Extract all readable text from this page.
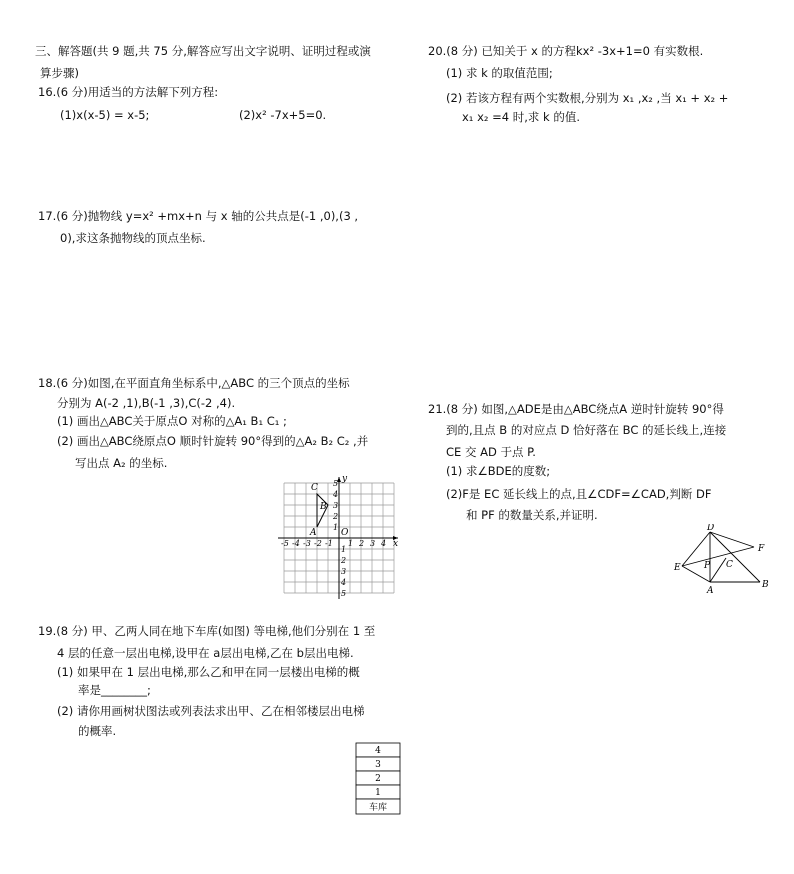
三、解答题(共 9 题,共 75 分,解答应写出文字说明、证明过程或演
算步骤)
16.(6 分)用适当的方法解下列方程:
(1)x(x-5) = x-5;	(2)x² -7x+5=0.
17.(6 分)抛物线 y=x² +mx+n 与 x 轴的公共点是(-1 ,0),(3 ,
0),求这条抛物线的顶点坐标.
18.(6 分)如图,在平面直角坐标系中,△ABC 的三个顶点的坐标
分别为 A(-2 ,1),B(-1 ,3),C(-2 ,4).
(1) 画出△ABC关于原点O 对称的△A₁ B₁ C₁ ;
(2) 画出△ABC绕原点O 顺时针旋转 90°得到的△A₂ B₂ C₂ ,并
写出点 A₂ 的坐标.
C
B
A	O
x
y
-5 -4 -3 -2 -1 1 2 3 4
5
4
3
2
1
1
2
3
4
5
19.(8 分) 甲、乙两人同在地下车库(如图) 等电梯,他们分别在 1 至
4 层的任意一层出电梯,设甲在 a层出电梯,乙在 b层出电梯.
(1) 如果甲在 1 层出电梯,那么乙和甲在同一层楼出电梯的概
率是________;
(2) 请你用画树状图法或列表法求出甲、乙在相邻楼层出电梯
的概率.
4
3
2
1
车库
20.(8 分) 已知关于 x 的方程kx² -3x+1=0 有实数根.
(1) 求 k 的取值范围;
(2) 若该方程有两个实数根,分别为 x₁ ,x₂ ,当 x₁ + x₂ +
x₁ x₂ =4 时,求 k 的值.
21.(8 分) 如图,△ADE是由△ABC绕点A 逆时针旋转 90°得
到的,且点 B 的对应点 D 恰好落在 BC 的延长线上,连接
CE 交 AD 于点 P.
(1) 求∠BDE的度数;
(2)F是 EC 延长线上的点,且∠CDF=∠CAD,判断 DF
和 PF 的数量关系,并证明.
D
F
E	P C
A
B
